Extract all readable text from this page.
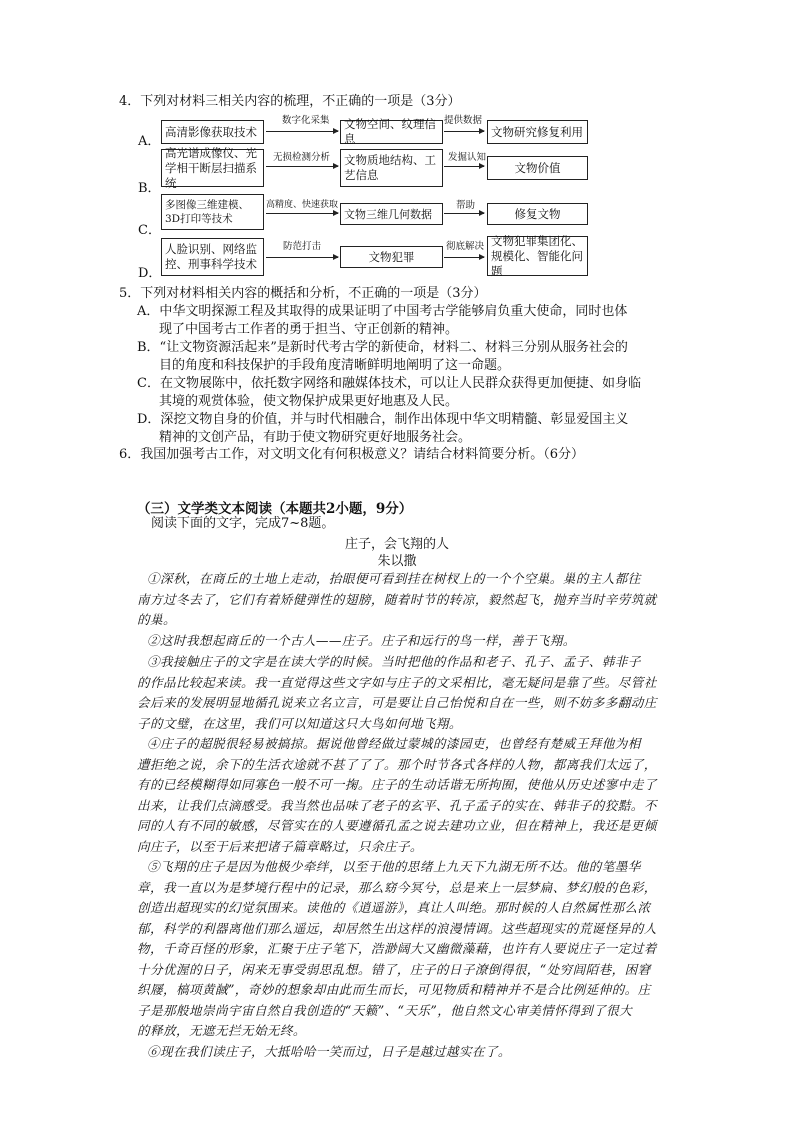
4．下列对材料三相关内容的梳理，不正确的一项是（3分）
A．
高清影像获取技术
数字化采集	文物空间、纹理信息
提供数据
文物研究修复利用
B．
高光谱成像仪、光学相干断层扫描系统
无损检测分析	文物质地结构、工艺信息
发掘认知
文物价值
C．
多图像三维建模、3D打印等技术
高精度、快速获取
文物三维几何数据
帮助
修复文物
D．
人脸识别、网络监控、刑事科学技术
防范打击
文物犯罪
彻底解决 文物犯罪集团化、规模化、智能化问题
5．下列对材料相关内容的概括和分析，不正确的一项是（3分）
A．中华文明探源工程及其取得的成果证明了中国考古学能够肩负重大使命，同时也体
现了中国考古工作者的勇于担当、守正创新的精神。
B．“让文物资源活起来”是新时代考古学的新使命，材料二、材料三分别从服务社会的
目的角度和科技保护的手段角度清晰鲜明地阐明了这一命题。
C．在文物展陈中，依托数字网络和融媒体技术，可以让人民群众获得更加便捷、如身临
其境的观赏体验，使文物保护成果更好地惠及人民。
D．深挖文物自身的价值，并与时代相融合，制作出体现中华文明精髓、彰显爱国主义
精神的文创产品，有助于使文物研究更好地服务社会。
6．我国加强考古工作，对文明文化有何积极意义？请结合材料简要分析。（6分）
（三）文学类文本阅读（本题共2小题，9分）
阅读下面的文字，完成7~8题。
庄子，会飞翔的人
朱以撒
①深秋，在商丘的土地上走动，抬眼便可看到挂在树杈上的一个个空巢。巢的主人都往
南方过冬去了，它们有着矫健弹性的翅膀，随着时节的转凉，毅然起飞，抛弃当时辛劳筑就
的巢。
②这时我想起商丘的一个古人——庄子。庄子和远行的鸟一样，善于飞翔。
③我接触庄子的文字是在读大学的时候。当时把他的作品和老子、孔子、孟子、韩非子
的作品比较起来读。我一直觉得这些文字如与庄子的文采相比，毫无疑问是靠了些。尽管社
会后来的发展明显地循孔说来立名立言，可是要让自己怡悦和自在一些，则不妨多多翻动庄
子的文璧，在这里，我们可以知道这只大鸟如何地飞翔。
④庄子的超脱很轻易被搞掠。据说他曾经做过蒙城的漆园吏，也曾经有楚威王拜他为相
遭拒绝之说，余下的生活衣途就不甚了了了。那个时节各式各样的人物，都离我们太远了，
有的已经模糊得如同寡色一般不可一掬。庄子的生动话谐无所拘囿，使他从历史述寥中走了
出来，让我们点滴感受。我当然也品味了老子的玄平、孔子孟子的实在、韩非子的狡黠。不
同的人有不同的敏感，尽管实在的人要遵循孔孟之说去建功立业，但在精神上，我还是更倾
向庄子，以至于后来把诸子篇章略过，只余庄子。
⑤飞翔的庄子是因为他极少牵绊，以至于他的思绪上九天下九湖无所不达。他的笔墨华
章，我一直以为是梦境行程中的记录，那么窈今冥兮，总是来上一层梦扁、梦幻般的色彩，
创造出超现实的幻觉氛围来。读他的《逍遥游》，真让人叫绝。那时候的人自然属性那么浓
郁，科学的利器离他们那么遥远，却居然生出这样的浪漫情调。这些超现实的荒诞怪异的人
物，千奇百怪的形象，汇聚于庄子笔下，浩渺阔大又幽微藻藉，也许有人要说庄子一定过着
十分优渥的日子，闲来无事受弱思乱想。错了，庄子的日子潦倒得很，“处穷闾陌巷，困窘
织屦，槁项黄馘”，奇妙的想象却由此而生而长，可见物质和精神并不是合比例延伸的。庄
子是那般地崇尚宇宙自然自我创造的“天籁”、“天乐”，他自然文心审美情怀得到了很大
的释放，无遮无拦无始无终。
⑥现在我们读庄子，大抵哈哈一笑而过，日子是越过越实在了。
